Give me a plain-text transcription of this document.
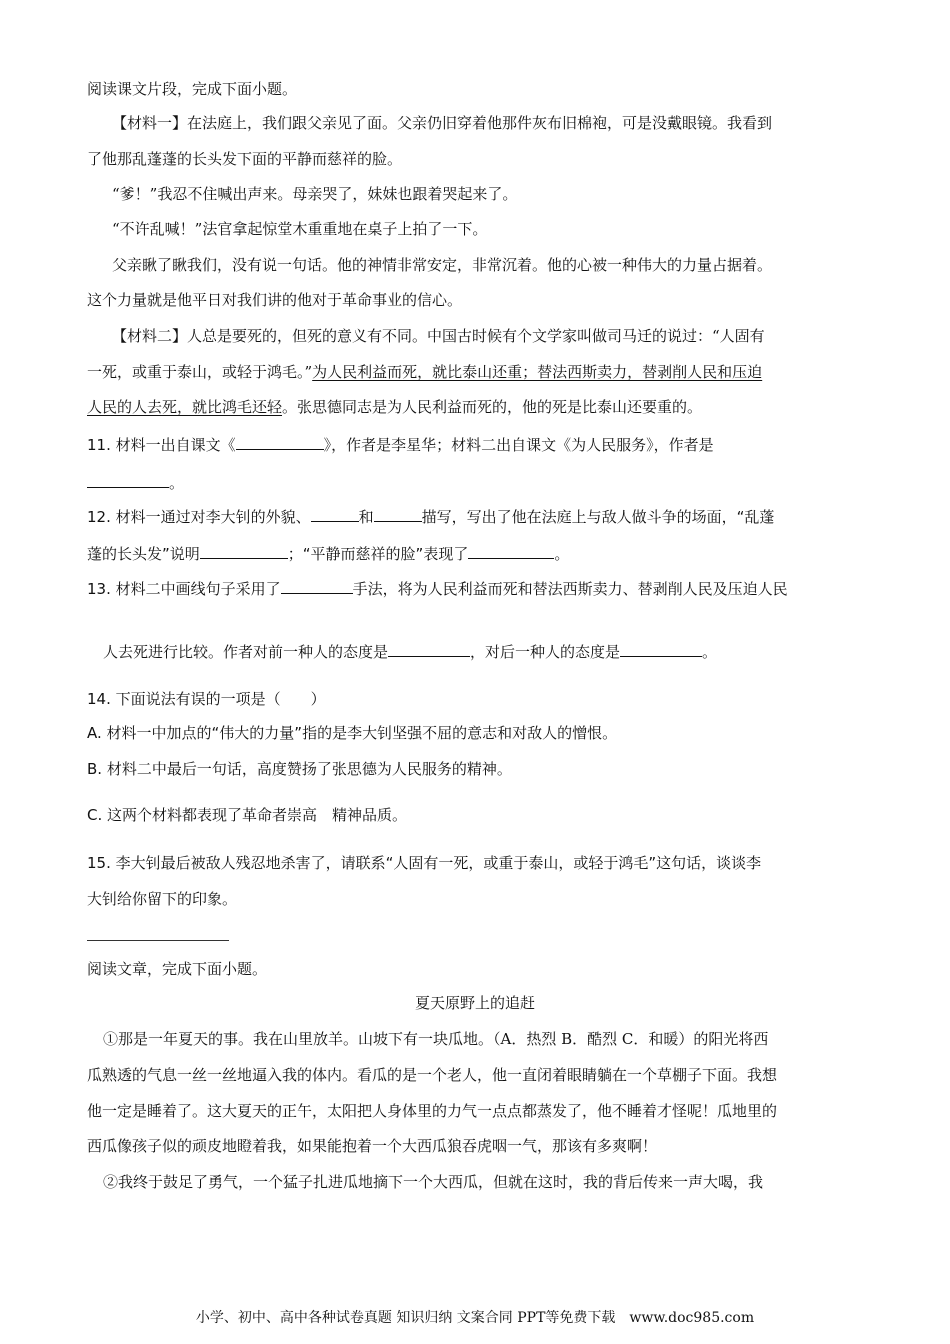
阅读课文片段，完成下面小题。
【材料一】在法庭上，我们跟父亲见了面。父亲仍旧穿着他那件灰布旧棉袍，可是没戴眼镜。我看到
了他那乱蓬蓬的长头发下面的平静而慈祥的脸。
“爹！”我忍不住喊出声来。母亲哭了，妹妹也跟着哭起来了。
“不许乱喊！”法官拿起惊堂木重重地在桌子上拍了一下。
父亲瞅了瞅我们，没有说一句话。他的神情非常安定，非常沉着。他的心被一种伟大的力量占据着。
这个力量就是他平日对我们讲的他对于革命事业的信心。
【材料二】人总是要死的，但死的意义有不同。中国古时候有个文学家叫做司马迁的说过：“人固有
一死，或重于泰山，或轻于鸿毛。”为人民利益而死，就比泰山还重；替法西斯卖力，替剥削人民和压迫
人民的人去死，就比鸿毛还轻。张思德同志是为人民利益而死的，他的死是比泰山还要重的。
11. 材料一出自课文《	》，作者是李星华；材料二出自课文《为人民服务》，作者是
。
12. 材料一通过对李大钊的外貌、	和	描写，写出了他在法庭上与敌人做斗争的场面，“乱蓬
蓬的长头发”说明	；“平静而慈祥的脸”表现了	。
13. 材料二中画线句子采用了	手法，将为人民利益而死和替法西斯卖力、替剥削人民及压迫人民
人去死进行比较。作者对前一种人的态度是	，对后一种人的态度是	。
14. 下面说法有误的一项是（　　）
A. 材料一中加点的“伟大的力量”指的是李大钊坚强不屈的意志和对敌人的憎恨。
B. 材料二中最后一句话，高度赞扬了张思德为人民服务的精神。
C. 这两个材料都表现了革命者崇高　精神品质。
15. 李大钊最后被敌人残忍地杀害了，请联系“人固有一死，或重于泰山，或轻于鸿毛”这句话，谈谈李
大钊给你留下的印象。
阅读文章，完成下面小题。
夏天原野上的追赶
①那是一年夏天的事。我在山里放羊。山坡下有一块瓜地。（A．热烈 B．酷烈 C．和暖）的阳光将西
瓜熟透的气息一丝一丝地逼入我的体内。看瓜的是一个老人，他一直闭着眼睛躺在一个草棚子下面。我想
他一定是睡着了。这大夏天的正午，太阳把人身体里的力气一点点都蒸发了，他不睡着才怪呢！瓜地里的
西瓜像孩子似的顽皮地瞪着我，如果能抱着一个大西瓜狼吞虎咽一气，那该有多爽啊！
②我终于鼓足了勇气，一个猛子扎进瓜地摘下一个大西瓜，但就在这时，我的背后传来一声大喝，我
小学、初中、高中各种试卷真题 知识归纳 文案合同 PPT等免费下载　www.doc985.com
